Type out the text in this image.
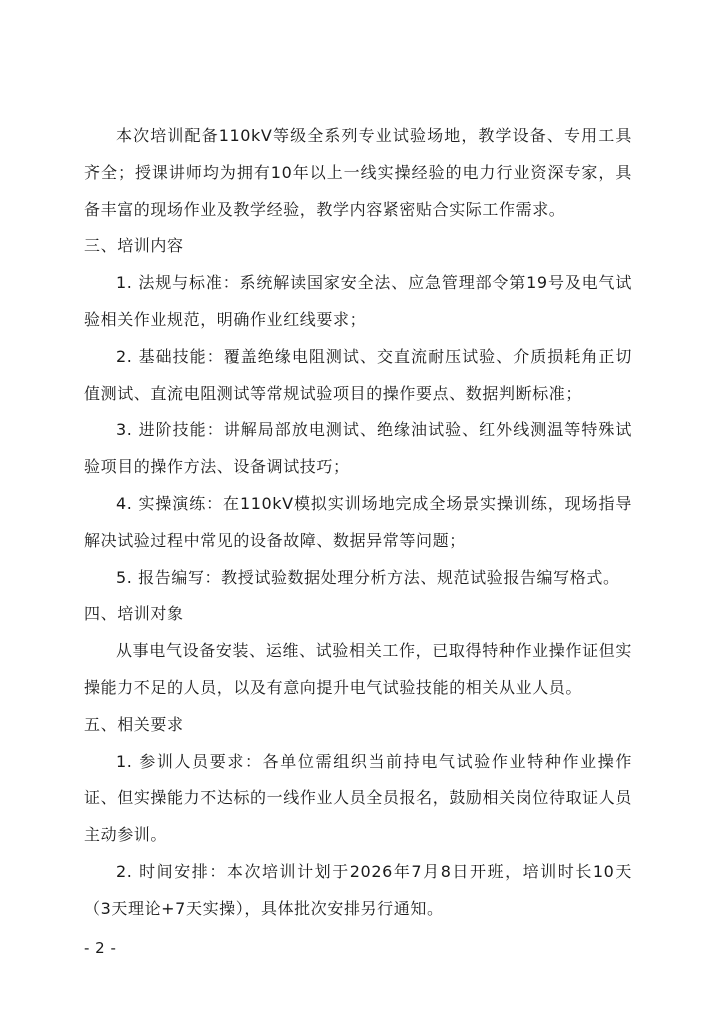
本次培训配备110kV等级全系列专业试验场地，教学设备、专用工具齐全；授课讲师均为拥有10年以上一线实操经验的电力行业资深专家，具备丰富的现场作业及教学经验，教学内容紧密贴合实际工作需求。

三、培训内容

1. 法规与标准：系统解读国家安全法、应急管理部令第19号及电气试验相关作业规范，明确作业红线要求；

2. 基础技能：覆盖绝缘电阻测试、交直流耐压试验、介质损耗角正切值测试、直流电阻测试等常规试验项目的操作要点、数据判断标准；

3. 进阶技能：讲解局部放电测试、绝缘油试验、红外线测温等特殊试验项目的操作方法、设备调试技巧；

4. 实操演练：在110kV模拟实训场地完成全场景实操训练，现场指导解决试验过程中常见的设备故障、数据异常等问题；

5. 报告编写：教授试验数据处理分析方法、规范试验报告编写格式。

四、培训对象

从事电气设备安装、运维、试验相关工作，已取得特种作业操作证但实操能力不足的人员，以及有意向提升电气试验技能的相关从业人员。

五、相关要求

1. 参训人员要求：各单位需组织当前持电气试验作业特种作业操作证、但实操能力不达标的一线作业人员全员报名，鼓励相关岗位待取证人员主动参训。

2. 时间安排：本次培训计划于2026年7月8日开班，培训时长10天（3天理论+7天实操），具体批次安排另行通知。

- 2 -
